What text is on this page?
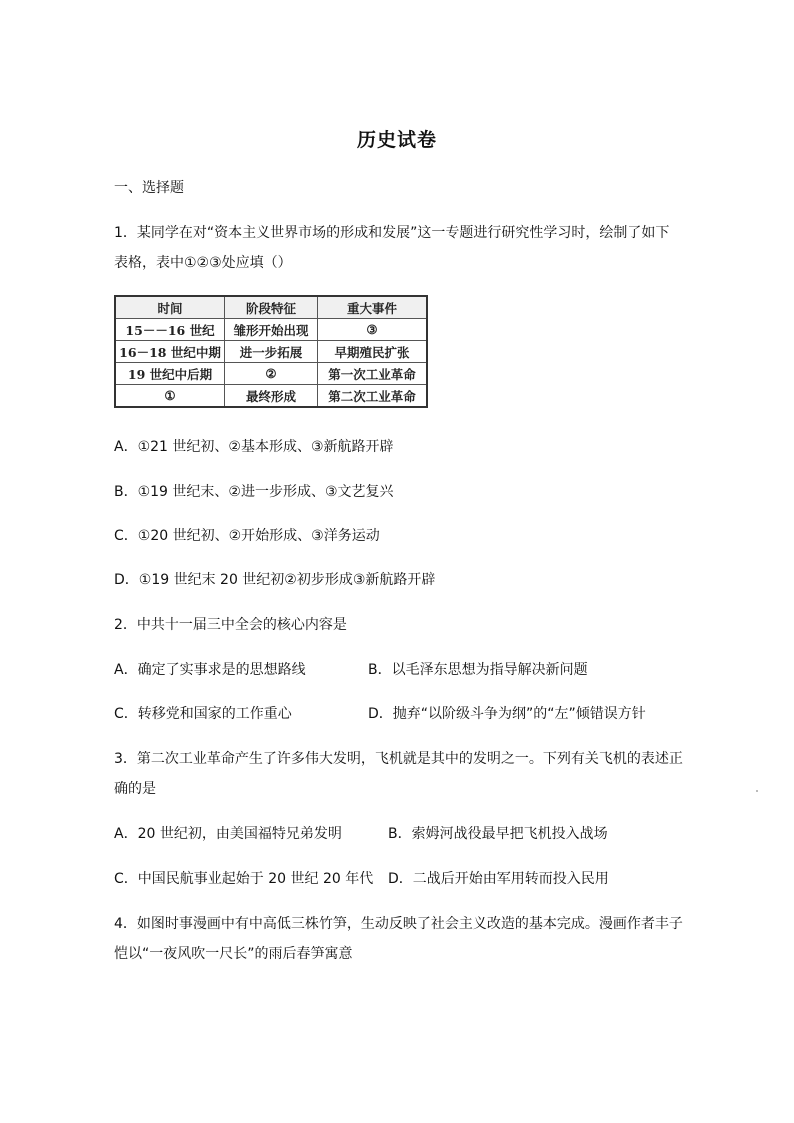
历史试卷
一、选择题
1．某同学在对“资本主义世界市场的形成和发展”这一专题进行研究性学习时，绘制了如下
表格，表中①②③处应填（）
时间	阶段特征	重大事件
15－－16 世纪	雏形开始出现	③
16－18 世纪中期	进一步拓展	早期殖民扩张
19 世纪中后期	②	第一次工业革命
①	最终形成	第二次工业革命
A．①21 世纪初、②基本形成、③新航路开辟
B．①19 世纪末、②进一步形成、③文艺复兴
C．①20 世纪初、②开始形成、③洋务运动
D．①19 世纪末 20 世纪初②初步形成③新航路开辟
2．中共十一届三中全会的核心内容是
A．确定了实事求是的思想路线	B．以毛泽东思想为指导解决新问题
C．转移党和国家的工作重心	D．抛弃“以阶级斗争为纲”的“左”倾错误方针
3．第二次工业革命产生了许多伟大发明，飞机就是其中的发明之一。下列有关飞机的表述正
确的是
A．20 世纪初，由美国福特兄弟发明	B．索姆河战役最早把飞机投入战场
C．中国民航事业起始于 20 世纪 20 年代 D．二战后开始由军用转而投入民用
4．如图时事漫画中有中高低三株竹笋，生动反映了社会主义改造的基本完成。漫画作者丰子
恺以“一夜风吹一尺长”的雨后春笋寓意
